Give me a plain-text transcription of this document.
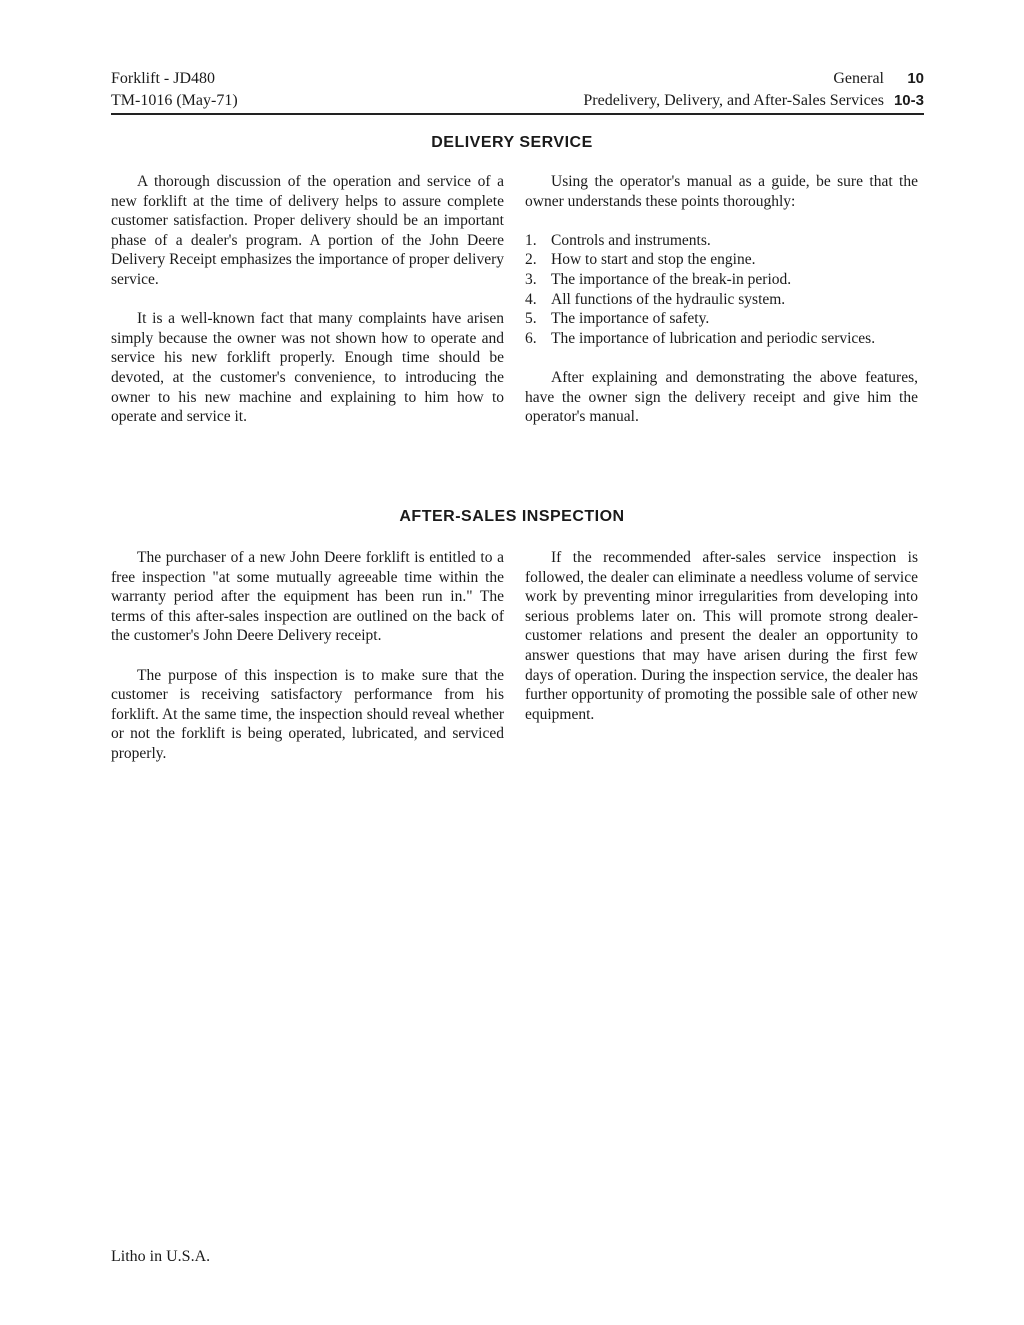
Forklift - JD480	General	10
TM-1016 (May-71)	Predelivery, Delivery, and After-Sales Services 10-3
DELIVERY SERVICE

A thorough discussion of the operation and service of a new forklift at the time of delivery helps to assure complete customer satisfaction. Proper delivery should be an important phase of a dealer's program. A portion of the John Deere Delivery Receipt emphasizes the importance of proper delivery service.

It is a well-known fact that many complaints have arisen simply because the owner was not shown how to operate and service his new forklift properly. Enough time should be devoted, at the customer's convenience, to introducing the owner to his new machine and explaining to him how to operate and service it.

Using the operator's manual as a guide, be sure that the owner understands these points thoroughly:

1. Controls and instruments.
2. How to start and stop the engine.
3. The importance of the break-in period.
4. All functions of the hydraulic system.
5. The importance of safety.
6. The importance of lubrication and periodic services.

After explaining and demonstrating the above features, have the owner sign the delivery receipt and give him the operator's manual.

AFTER-SALES INSPECTION

The purchaser of a new John Deere forklift is entitled to a free inspection "at some mutually agreeable time within the warranty period after the equipment has been run in." The terms of this after-sales inspection are outlined on the back of the customer's John Deere Delivery receipt.

The purpose of this inspection is to make sure that the customer is receiving satisfactory performance from his forklift. At the same time, the inspection should reveal whether or not the forklift is being operated, lubricated, and serviced properly.

If the recommended after-sales service inspection is followed, the dealer can eliminate a needless volume of service work by preventing minor irregularities from developing into serious problems later on. This will promote strong dealer-customer relations and present the dealer an opportunity to answer questions that may have arisen during the first few days of operation. During the inspection service, the dealer has further opportunity of promoting the possible sale of other new equipment.

Litho in U.S.A.
